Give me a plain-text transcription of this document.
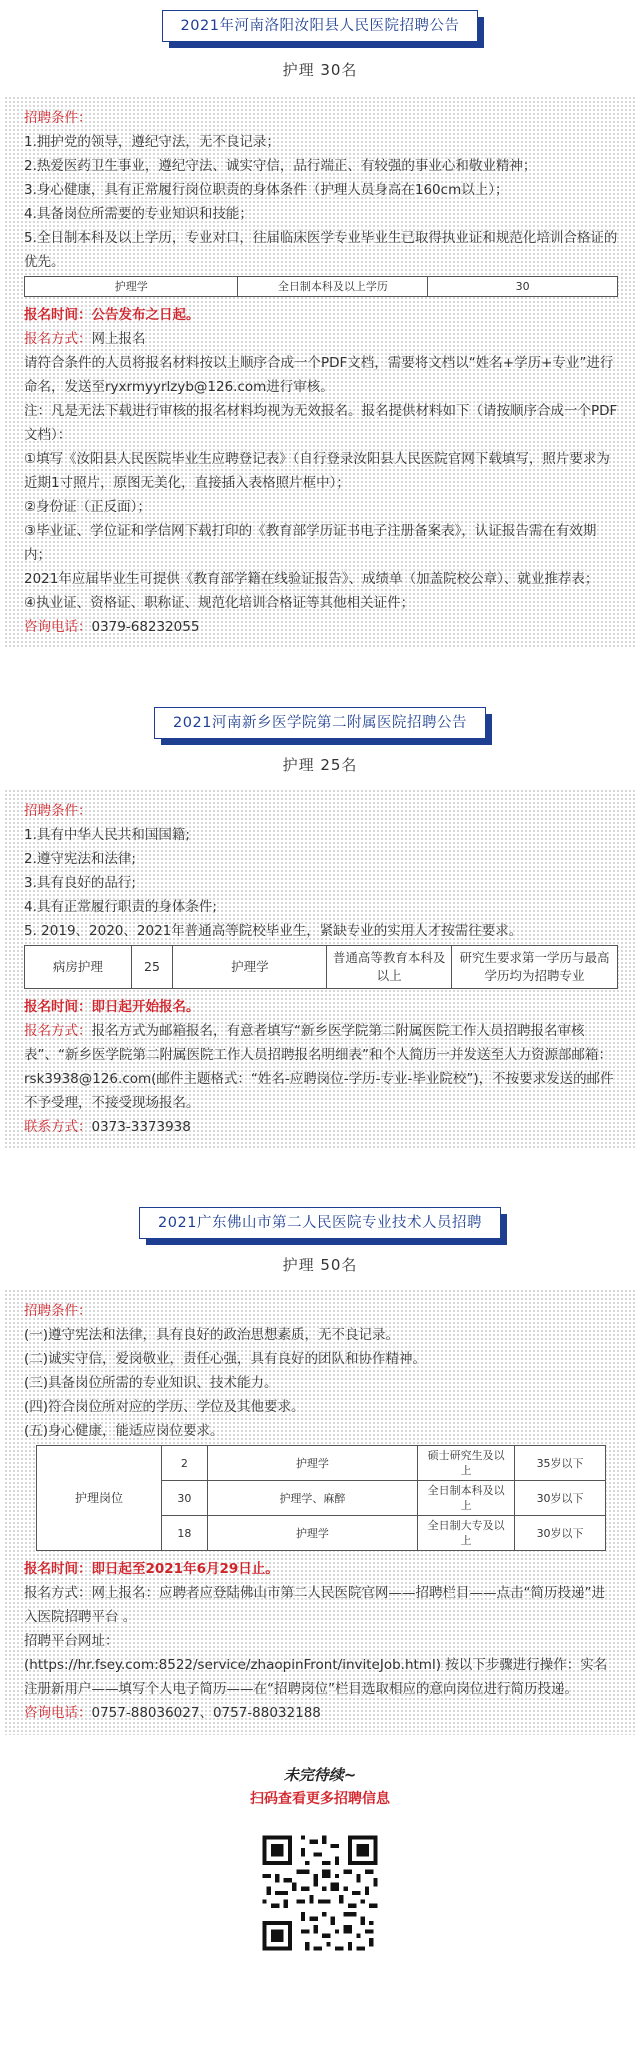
2021年河南洛阳汝阳县人民医院招聘公告
护理 30名

招聘条件：

1.拥护党的领导，遵纪守法，无不良记录；

2.热爱医药卫生事业，遵纪守法、诚实守信，品行端正、有较强的事业心和敬业精神；

3.身心健康，具有正常履行岗位职责的身体条件（护理人员身高在160cm以上）；

4.具备岗位所需要的专业知识和技能；

5.全日制本科及以上学历，专业对口，往届临床医学专业毕业生已取得执业证和规范化培训合格证的优先。

护理学	全日制本科及以上学历	30

报名时间：公告发布之日起。

报名方式：网上报名

请符合条件的人员将报名材料按以上顺序合成一个PDF文档，需要将文档以“姓名+学历+专业”进行命名，发送至ryxrmyyrlzyb@126.com进行审核。

注：凡是无法下载进行审核的报名材料均视为无效报名。报名提供材料如下（请按顺序合成一个PDF文档）：

①填写《汝阳县人民医院毕业生应聘登记表》（自行登录汝阳县人民医院官网下载填写，照片要求为近期1寸照片，原图无美化，直接插入表格照片框中）；

②身份证（正反面）；

③毕业证、学位证和学信网下载打印的《教育部学历证书电子注册备案表》，认证报告需在有效期内；

2021年应届毕业生可提供《教育部学籍在线验证报告》、成绩单（加盖院校公章）、就业推荐表；

④执业证、资格证、职称证、规范化培训合格证等其他相关证件；

咨询电话：0379-68232055

2021河南新乡医学院第二附属医院招聘公告
护理 25名

招聘条件：

1.具有中华人民共和国国籍;

2.遵守宪法和法律;

3.具有良好的品行;

4.具有正常履行职责的身体条件;

5. 2019、2020、2021年普通高等院校毕业生，紧缺专业的实用人才按需往要求。

病房护理	25	护理学	普通高等教育本科及以上	研究生要求第一学历与最高学历均为招聘专业

报名时间：即日起开始报名。

报名方式：报名方式为邮箱报名，有意者填写“新乡医学院第二附属医院工作人员招聘报名审核表”、“新乡医学院第二附属医院工作人员招聘报名明细表”和个人简历一并发送至人力资源部邮箱：rsk3938@126.com(邮件主题格式：“姓名-应聘岗位-学历-专业-毕业院校”)，不按要求发送的邮件不予受理，不接受现场报名。

联系方式：0373-3373938

2021广东佛山市第二人民医院专业技术人员招聘
护理 50名

招聘条件：

(一)遵守宪法和法律，具有良好的政治思想素质，无不良记录。

(二)诚实守信，爱岗敬业，责任心强，具有良好的团队和协作精神。

(三)具备岗位所需的专业知识、技术能力。

(四)符合岗位所对应的学历、学位及其他要求。

(五)身心健康，能适应岗位要求。

护理岗位	2	护理学	硕士研究生及以上	35岁以下
	30	护理学、麻醉	全日制本科及以上	30岁以下
	18	护理学	全日制大专及以上	30岁以下

报名时间：即日起至2021年6月29日止。

报名方式：网上报名：应聘者应登陆佛山市第二人民医院官网——招聘栏目——点击“简历投递”进入医院招聘平台 。

招聘平台网址：

(https://hr.fsey.com:8522/service/zhaopinFront/inviteJob.html) 按以下步骤进行操作：实名注册新用户——填写个人电子简历——在“招聘岗位”栏目选取相应的意向岗位进行简历投递。

咨询电话：0757-88036027、0757-88032188

未完待续~
扫码查看更多招聘信息
